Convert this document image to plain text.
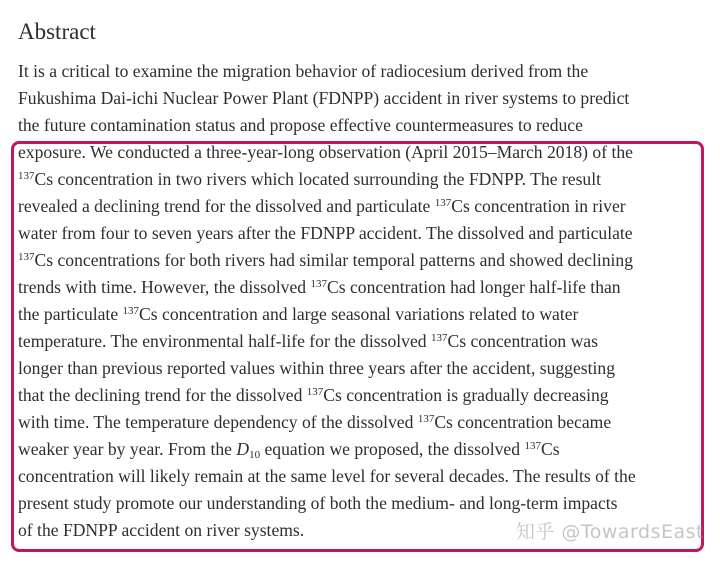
Abstract
It is a critical to examine the migration behavior of radiocesium derived from the
Fukushima Dai-ichi Nuclear Power Plant (FDNPP) accident in river systems to predict
the future contamination status and propose effective countermeasures to reduce
exposure. We conducted a three-year-long observation (April 2015–March 2018) of the
$^{137}$Cs concentration in two rivers which located surrounding the FDNPP. The result
revealed a declining trend for the dissolved and particulate $^{137}$Cs concentration in river
water from four to seven years after the FDNPP accident. The dissolved and particulate
$^{137}$Cs concentrations for both rivers had similar temporal patterns and showed declining
trends with time. However, the dissolved $^{137}$Cs concentration had longer half-life than
the particulate $^{137}$Cs concentration and large seasonal variations related to water
temperature. The environmental half-life for the dissolved $^{137}$Cs concentration was
longer than previous reported values within three years after the accident, suggesting
that the declining trend for the dissolved $^{137}$Cs concentration is gradually decreasing
with time. The temperature dependency of the dissolved $^{137}$Cs concentration became
weaker year by year. From the $D_{10}$ equation we proposed, the dissolved $^{137}$Cs
concentration will likely remain at the same level for several decades. The results of the
present study promote our understanding of both the medium- and long-term impacts
of the FDNPP accident on river systems.	知乎 @TowardsEast
